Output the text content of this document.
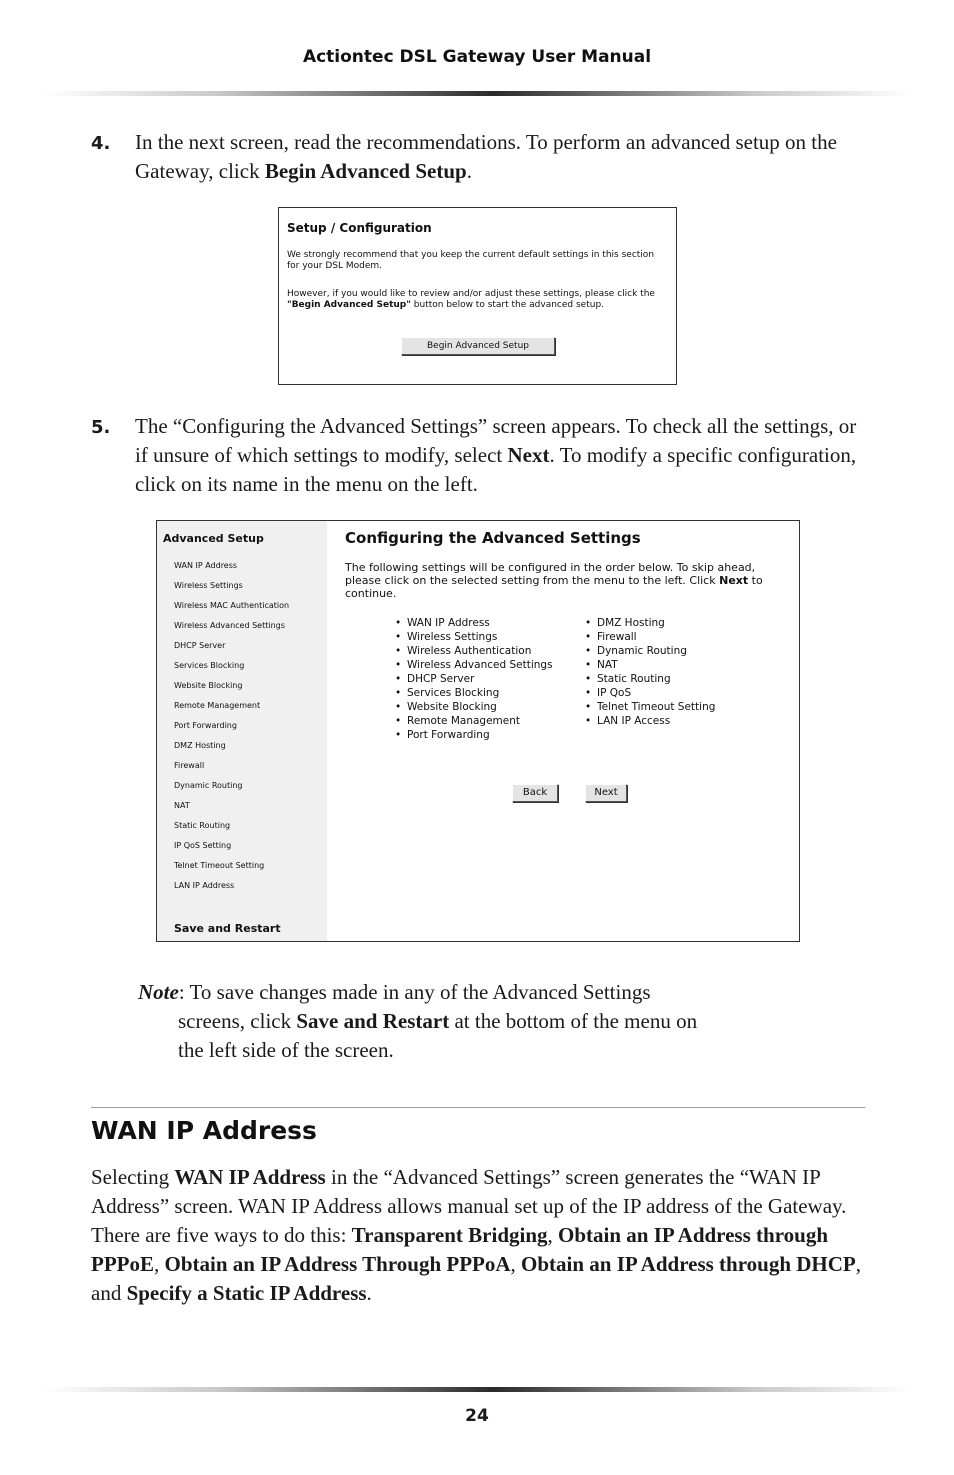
Actiontec DSL Gateway User Manual
4. In the next screen, read the recommendations. To perform an advanced setup on the Gateway, click Begin Advanced Setup.
Setup / Configuration
We strongly recommend that you keep the current default settings in this section for your DSL Modem.
However, if you would like to review and/or adjust these settings, please click the "Begin Advanced Setup" button below to start the advanced setup.
Begin Advanced Setup
5. The “Configuring the Advanced Settings” screen appears. To check all the settings, or if unsure of which settings to modify, select Next. To modify a specific configuration, click on its name in the menu on the left.
Advanced Setup
WAN IP Address
Wireless Settings
Wireless MAC Authentication
Wireless Advanced Settings
DHCP Server
Services Blocking
Website Blocking
Remote Management
Port Forwarding
DMZ Hosting
Firewall
Dynamic Routing
NAT
Static Routing
IP QoS Setting
Telnet Timeout Setting
LAN IP Address
Save and Restart
Configuring the Advanced Settings
The following settings will be configured in the order below. To skip ahead, please click on the selected setting from the menu to the left. Click Next to continue.
• WAN IP Address
• Wireless Settings
• Wireless Authentication
• Wireless Advanced Settings
• DHCP Server
• Services Blocking
• Website Blocking
• Remote Management
• Port Forwarding
• DMZ Hosting
• Firewall
• Dynamic Routing
• NAT
• Static Routing
• IP QoS
• Telnet Timeout Setting
• LAN IP Access
Back	Next
Note: To save changes made in any of the Advanced Settings
screens, click Save and Restart at the bottom of the menu on
the left side of the screen.
WAN IP Address
Selecting WAN IP Address in the “Advanced Settings” screen generates the “WAN IP Address” screen. WAN IP Address allows manual set up of the IP address of the Gateway. There are five ways to do this: Transparent Bridging, Obtain an IP Address through PPPoE, Obtain an IP Address Through PPPoA, Obtain an IP Address through DHCP, and Specify a Static IP Address.
24
